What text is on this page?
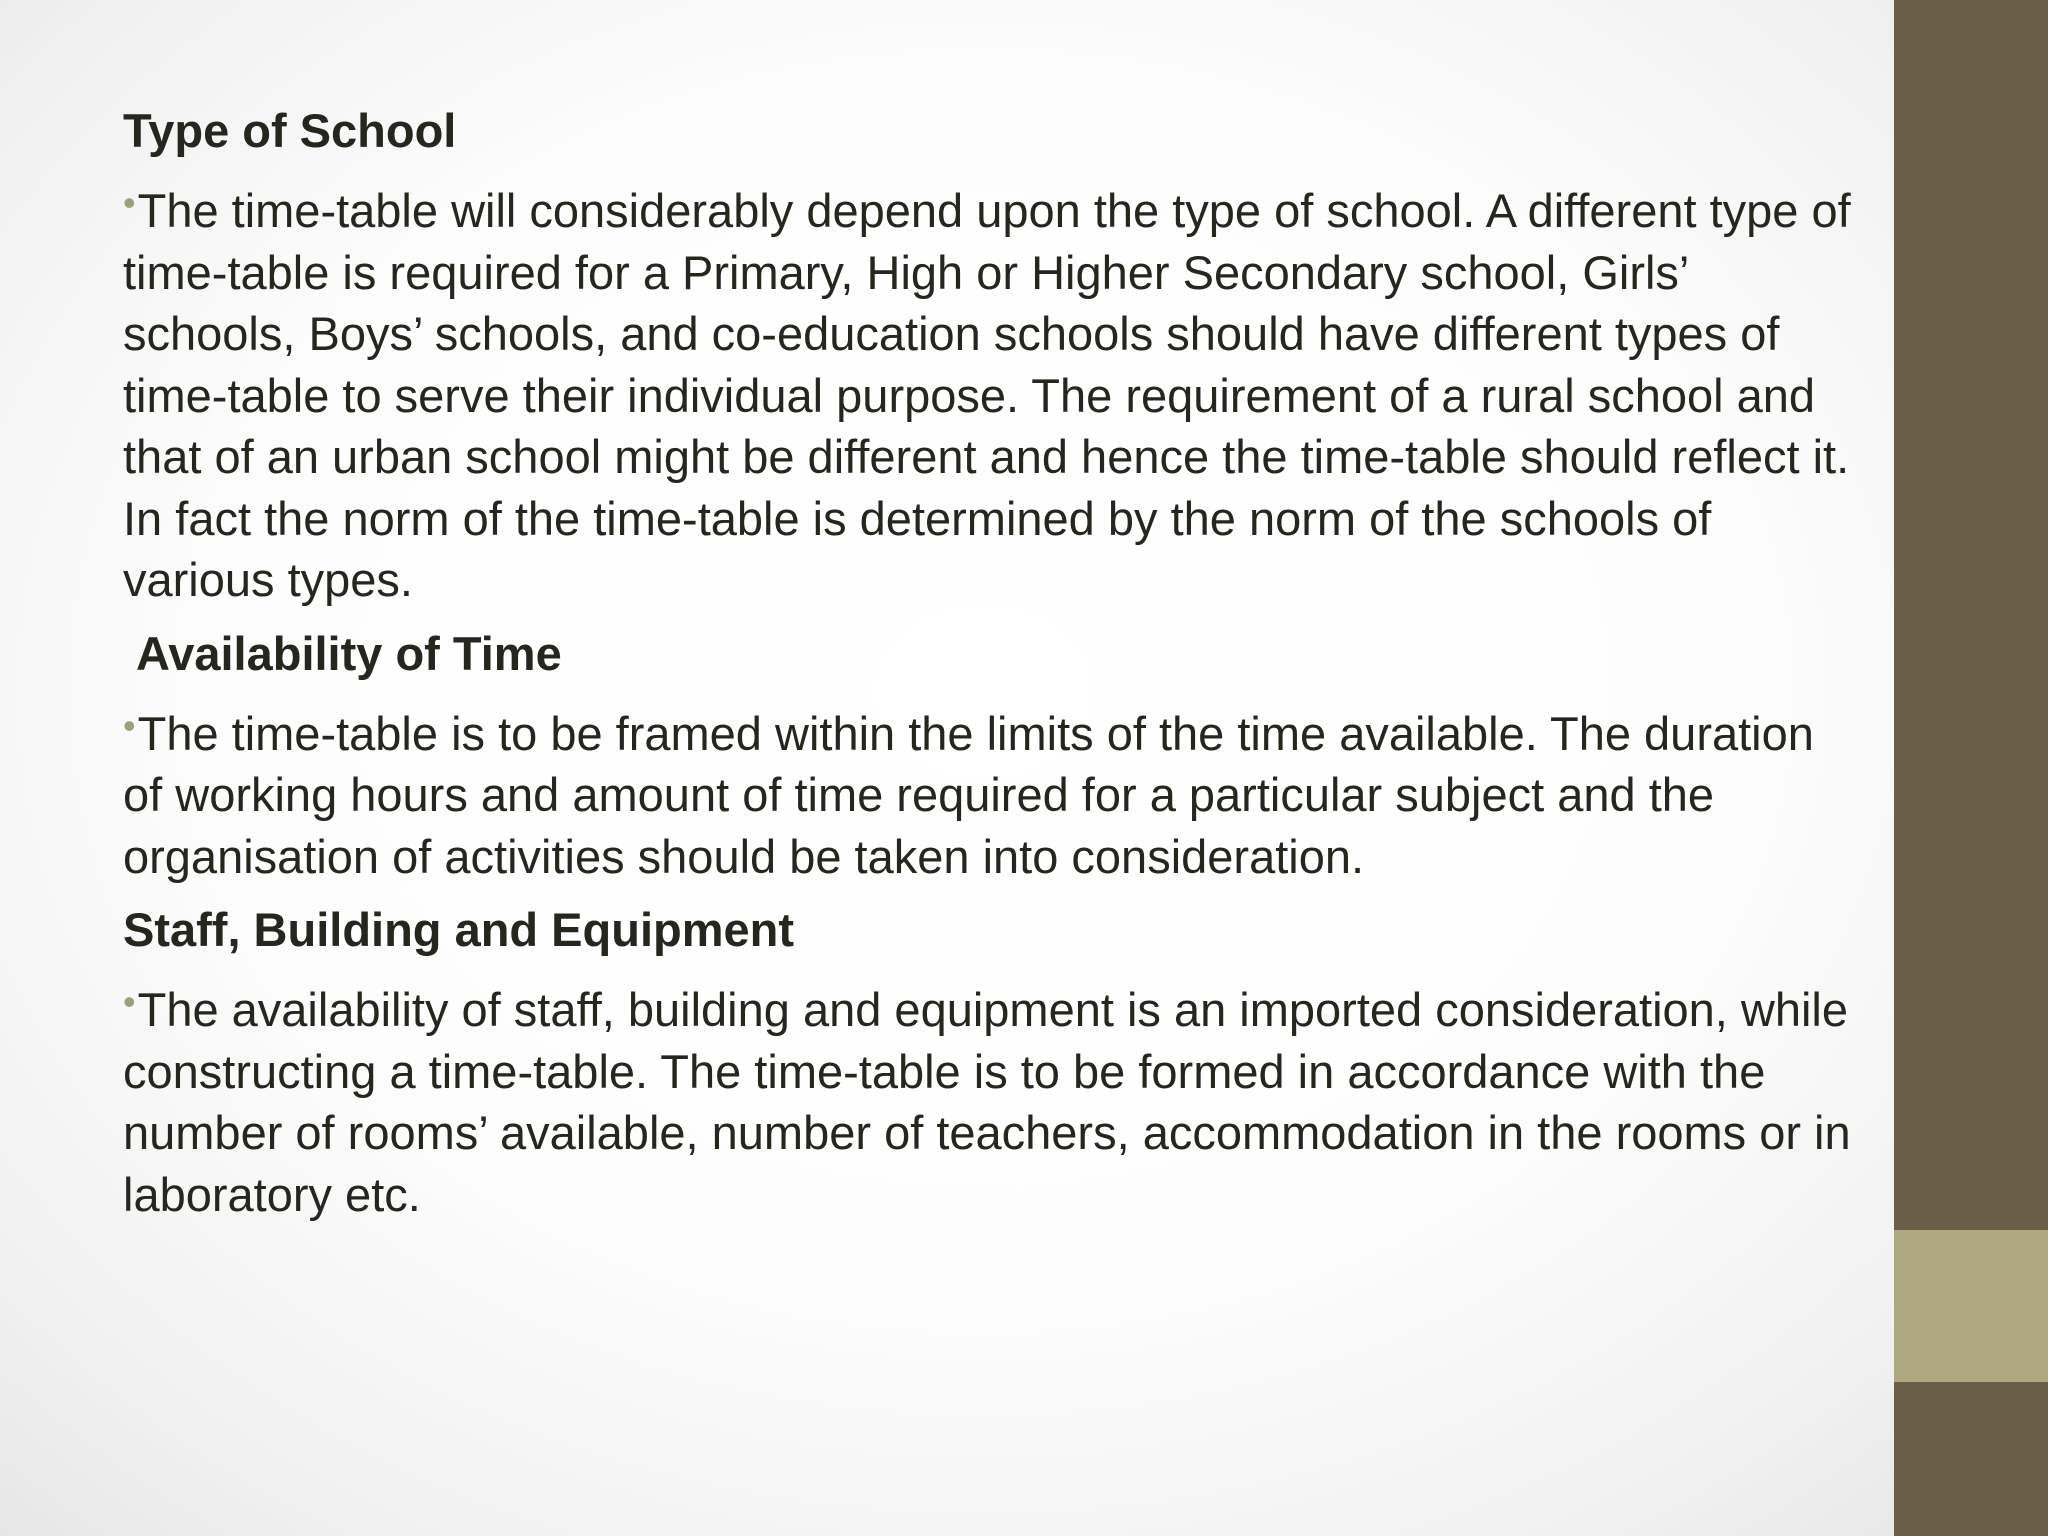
Type of School

•The time-table will considerably depend upon the type of school. A different type of time-table is required for a Primary, High or Higher Secondary school, Girls’ schools, Boys’ schools, and co-education schools should have different types of time-table to serve their individual purpose. The requirement of a rural school and that of an urban school might be different and hence the time-table should reflect it. In fact the norm of the time-table is determined by the norm of the schools of various types.

Availability of Time

•The time-table is to be framed within the limits of the time available. The duration of working hours and amount of time required for a particular subject and the organisation of activities should be taken into consideration.

Staff, Building and Equipment

•The availability of staff, building and equipment is an imported consideration, while constructing a time-table. The time-table is to be formed in accordance with the number of rooms’ available, number of teachers, accommodation in the rooms or in laboratory etc.
